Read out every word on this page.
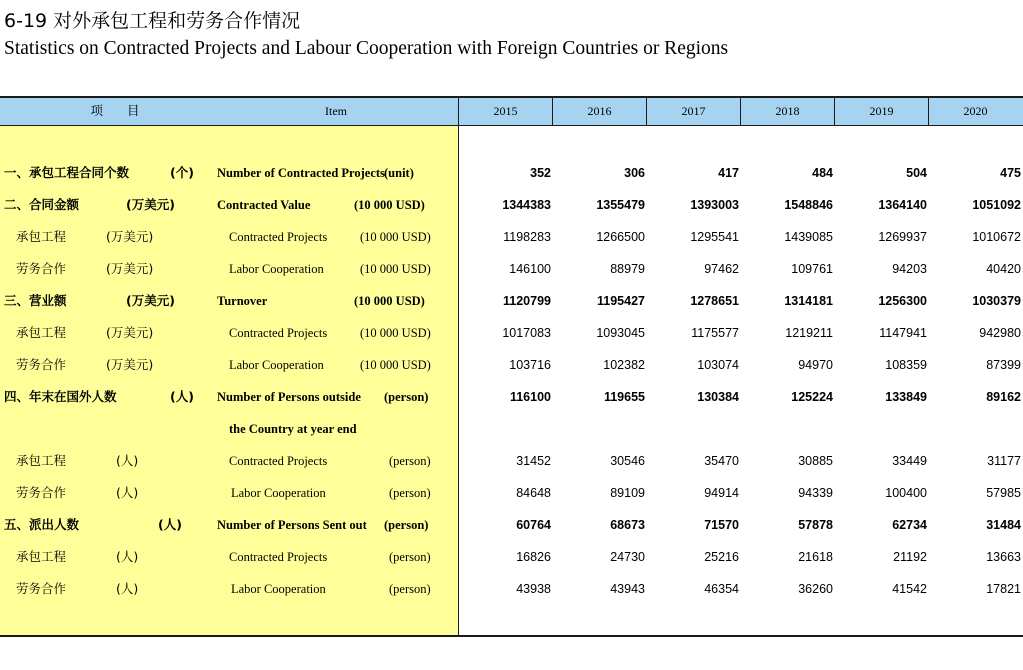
6-19 对外承包工程和劳务合作情况
Statistics on Contracted Projects and Labour Cooperation with Foreign Countries or Regions
项 目	Item	2015	2016	2017	2018	2019	2020
一、承包工程合同个数	(个) Number of Contracted Projects (unit)	352	306	417	484	504	475
二、合同金额	(万美元)	Contracted Value	(10 000 USD)	1344383	1355479	1393003	1548846	1364140	1051092
承包工程	(万美元)	Contracted Projects	(10 000 USD)	1198283	1266500	1295541	1439085	1269937	1010672
劳务合作	(万美元)	Labor Cooperation	(10 000 USD)	146100	88979	97462	109761	94203	40420
三、营业额	(万美元)	Turnover	(10 000 USD)	1120799	1195427	1278651	1314181	1256300	1030379
承包工程	(万美元)	Contracted Projects	(10 000 USD)	1017083	1093045	1175577	1219211	1147941	942980
劳务合作	(万美元)	Labor Cooperation	(10 000 USD)	103716	102382	103074	94970	108359	87399
四、年末在国外人数	(人) Number of Persons outside (person)	116100	119655	130384	125224	133849	89162
the Country at year end
承包工程	(人)	Contracted Projects	(person)	31452	30546	35470	30885	33449	31177
劳务合作	(人)	Labor Cooperation	(person)	84648	89109	94914	94339	100400	57985
五、派出人数	(人)	Number of Persons Sent out (person)	60764	68673	71570	57878	62734	31484
承包工程	(人)	Contracted Projects	(person)	16826	24730	25216	21618	21192	13663
劳务合作	(人)	Labor Cooperation	(person)	43938	43943	46354	36260	41542	17821
